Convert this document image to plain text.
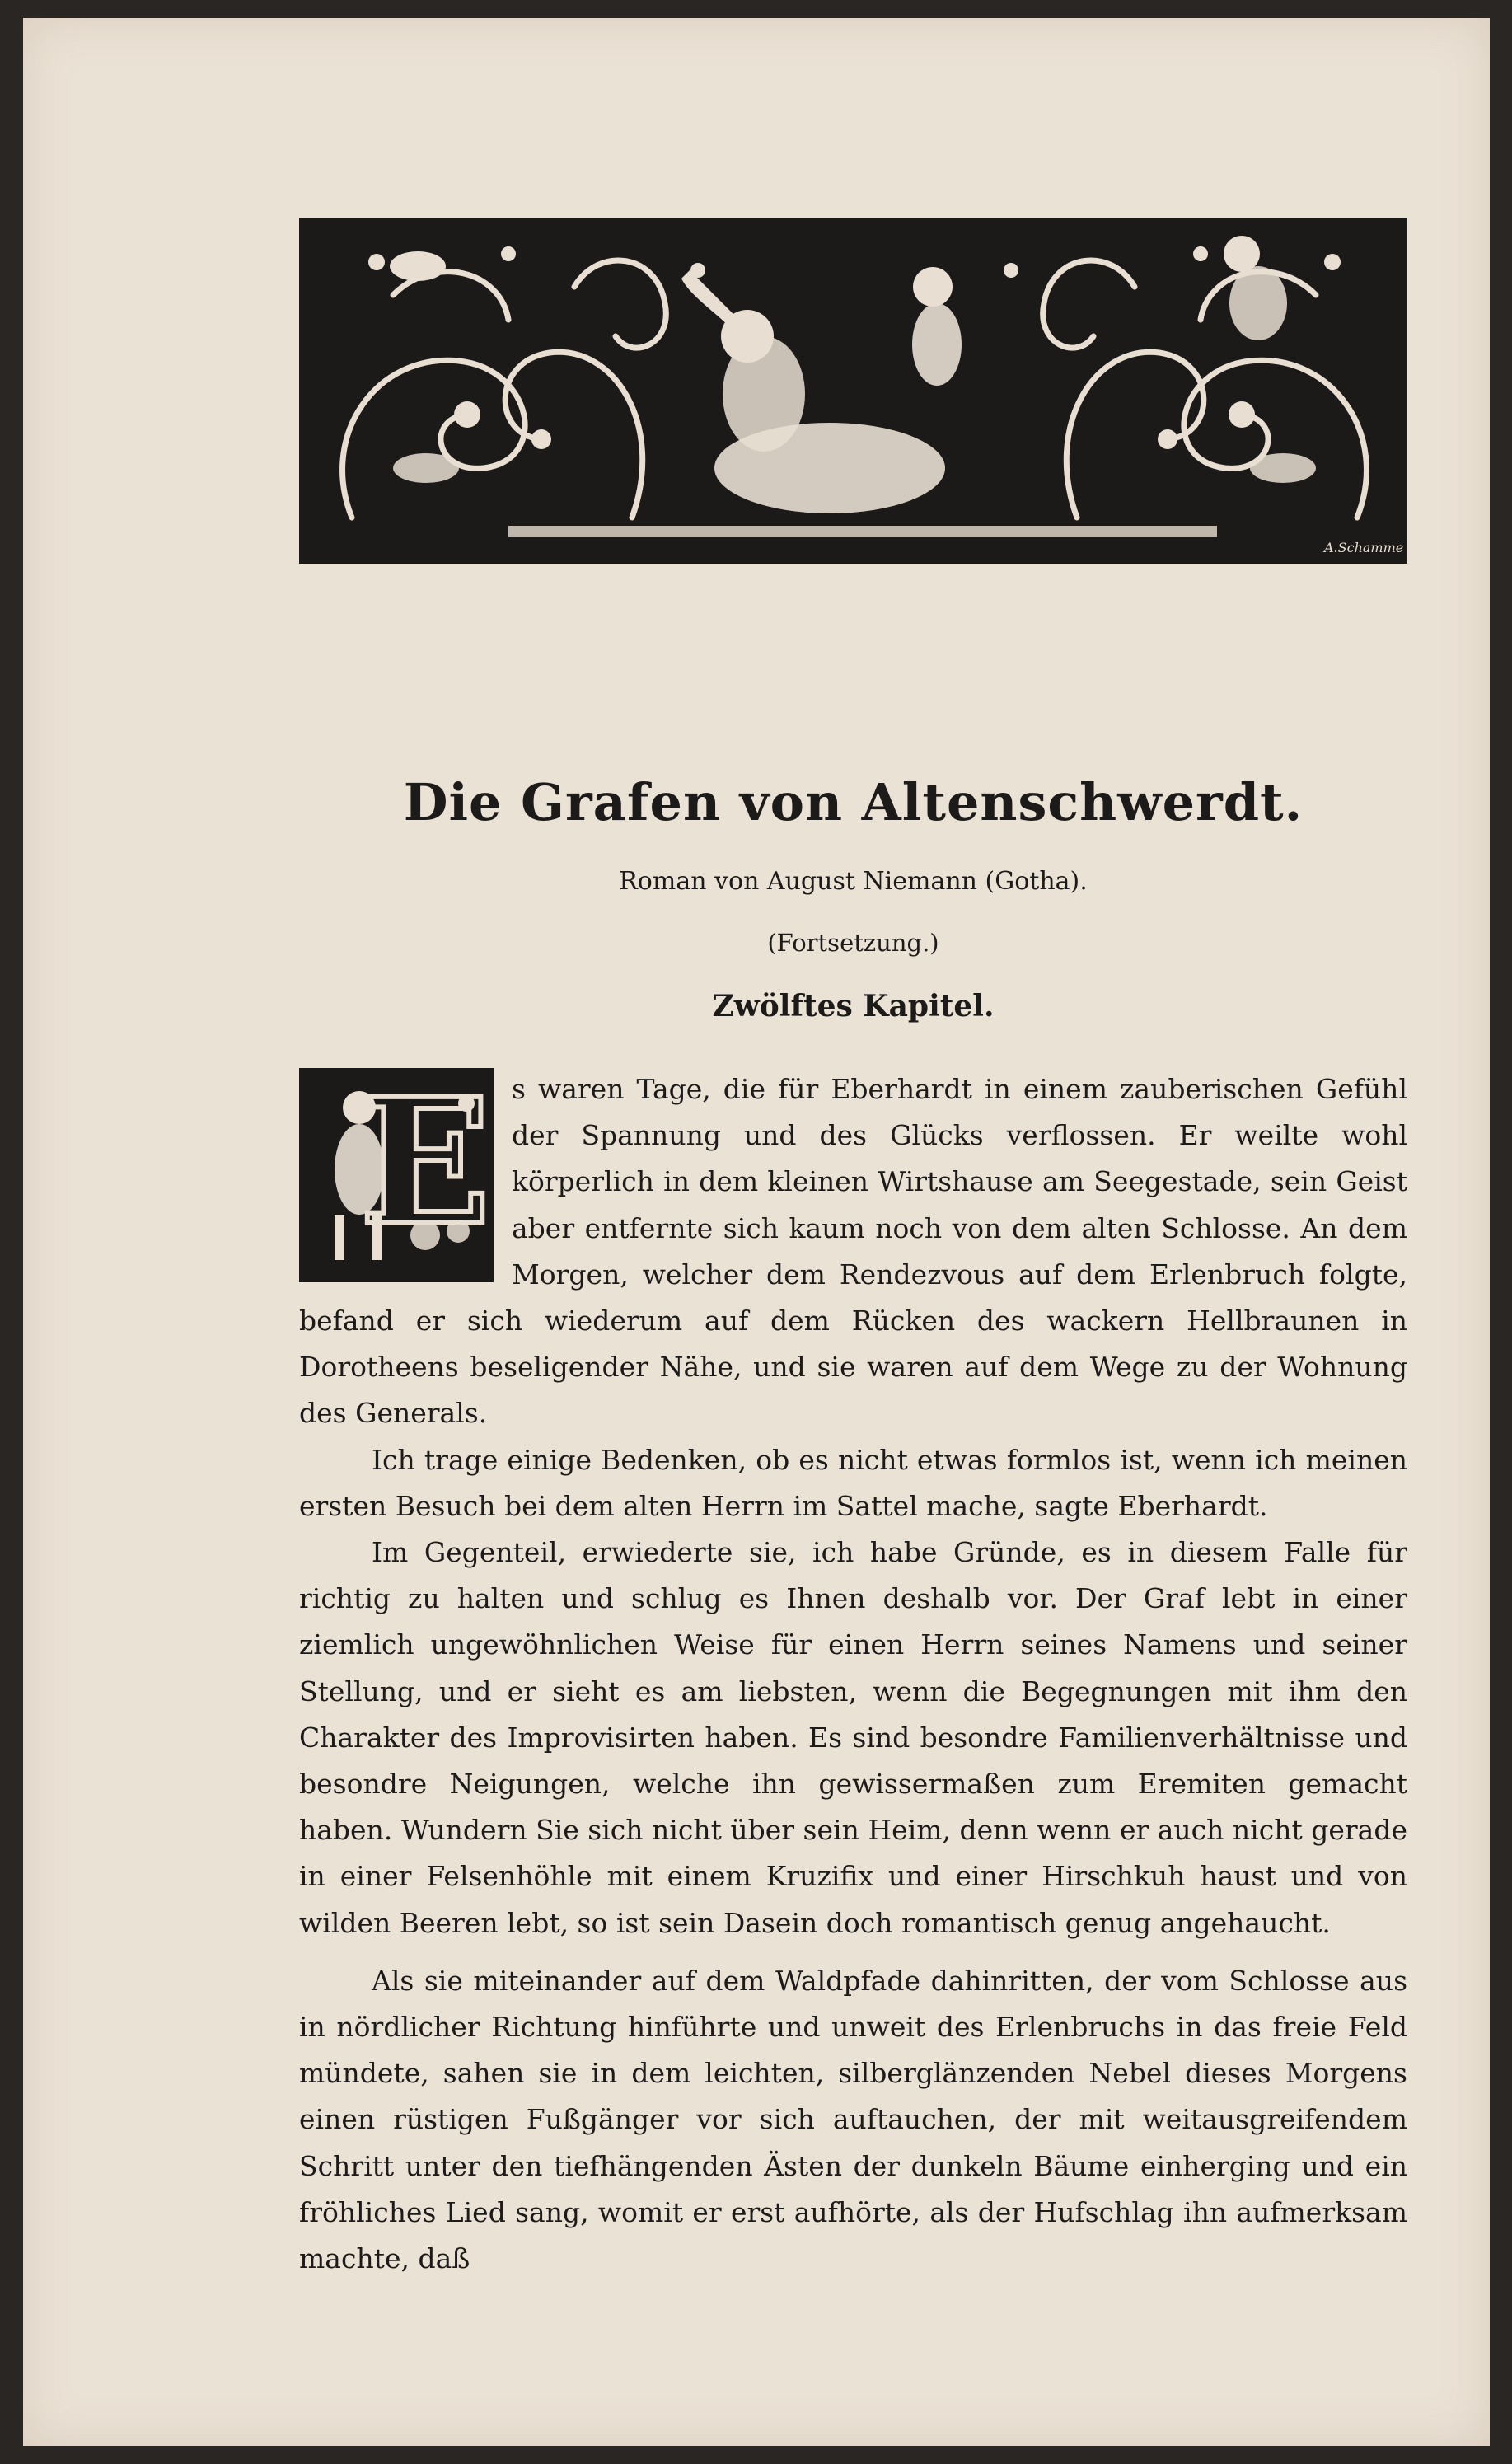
A.Schamme
Die Grafen von Altenschwerdt.
Roman von August Niemann (Gotha).
(Fortsetzung.)
Zwölftes Kapitel.
E s waren Tage, die für Eberhardt in einem zauberischen Gefühl der Spannung und des Glücks verflossen. Er weilte wohl körperlich in dem kleinen Wirtshause am Seegestade, sein Geist aber entfernte sich kaum noch von dem alten Schlosse. An dem Morgen, welcher dem Rendezvous auf dem Erlenbruch folgte, befand er sich wiederum auf dem Rücken des wackern Hellbraunen in Dorotheens beseligender Nähe, und sie waren auf dem Wege zu der Wohnung des Generals.

Ich trage einige Bedenken, ob es nicht etwas formlos ist, wenn ich meinen ersten Besuch bei dem alten Herrn im Sattel mache, sagte Eberhardt.

Im Gegenteil, erwiederte sie, ich habe Gründe, es in diesem Falle für richtig zu halten und schlug es Ihnen deshalb vor. Der Graf lebt in einer ziemlich ungewöhnlichen Weise für einen Herrn seines Namens und seiner Stellung, und er sieht es am liebsten, wenn die Begegnungen mit ihm den Charakter des Improvisirten haben. Es sind besondre Familienverhältnisse und besondre Neigungen, welche ihn gewissermaßen zum Eremiten gemacht haben. Wundern Sie sich nicht über sein Heim, denn wenn er auch nicht gerade in einer Felsenhöhle mit einem Kruzifix und einer Hirschkuh haust und von wilden Beeren lebt, so ist sein Dasein doch romantisch genug angehaucht.

Als sie miteinander auf dem Waldpfade dahinritten, der vom Schlosse aus in nördlicher Richtung hinführte und unweit des Erlenbruchs in das freie Feld mündete, sahen sie in dem leichten, silberglänzenden Nebel dieses Morgens einen rüstigen Fußgänger vor sich auftauchen, der mit weitausgreifendem Schritt unter den tiefhängenden Ästen der dunkeln Bäume einherging und ein fröhliches Lied sang, womit er erst aufhörte, als der Hufschlag ihn aufmerksam machte, daß
